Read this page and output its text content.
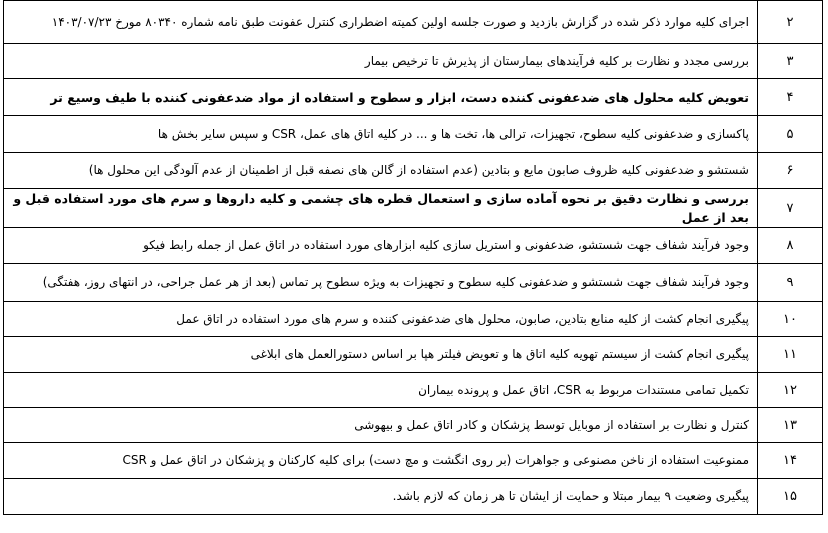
۲	اجرای کلیه موارد ذکر شده در گزارش بازدید و صورت جلسه اولین کمیته اضطراری کنترل عفونت طبق نامه شماره ۸۰۳۴۰ مورخ ۱۴۰۳/۰۷/۲۳
۳	بررسی مجدد و نظارت بر کلیه فرآیندهای بیمارستان از پذیرش تا ترخیص بیمار
۴	تعویض کلیه محلول های ضدعفونی کننده دست، ابزار و سطوح و استفاده از مواد ضدعفونی کننده با طیف وسیع تر
۵	پاکسازی و ضدعفونی کلیه سطوح، تجهیزات، ترالی ها، تخت ها و ... در کلیه اتاق های عمل، CSR و سپس سایر بخش ها
۶	شستشو و ضدعفونی کلیه ظروف صابون مایع و بتادین (عدم استفاده از گالن های نصفه قبل از اطمینان از عدم آلودگی این محلول ها)
۷	بررسی و نظارت دقیق بر نحوه آماده سازی و استعمال قطره های چشمی و کلیه داروها و سرم های مورد استفاده قبل و بعد از عمل
۸	وجود فرآیند شفاف جهت شستشو، ضدعفونی و استریل سازی کلیه ابزارهای مورد استفاده در اتاق عمل از جمله رابط فیکو
۹	وجود فرآیند شفاف جهت شستشو و ضدعفونی کلیه سطوح و تجهیزات به ویژه سطوح پر تماس (بعد از هر عمل جراحی، در انتهای روز، هفتگی)
۱۰	پیگیری انجام کشت از کلیه منابع بتادین، صابون، محلول های ضدعفونی کننده و سرم های مورد استفاده در اتاق عمل
۱۱	پیگیری انجام کشت از سیستم تهویه کلیه اتاق ها و تعویض فیلتر هپا بر اساس دستورالعمل های ابلاغی
۱۲	تکمیل تمامی مستندات مربوط به CSR، اتاق عمل و پرونده بیماران
۱۳	کنترل و نظارت بر استفاده از موبایل توسط پزشکان و کادر اتاق عمل و بیهوشی
۱۴	ممنوعیت استفاده از ناخن مصنوعی و جواهرات (بر روی انگشت و مچ دست) برای کلیه کارکنان و پزشکان در اتاق عمل و CSR
۱۵	پیگیری وضعیت ۹ بیمار مبتلا و حمایت از ایشان تا هر زمان که لازم باشد.
